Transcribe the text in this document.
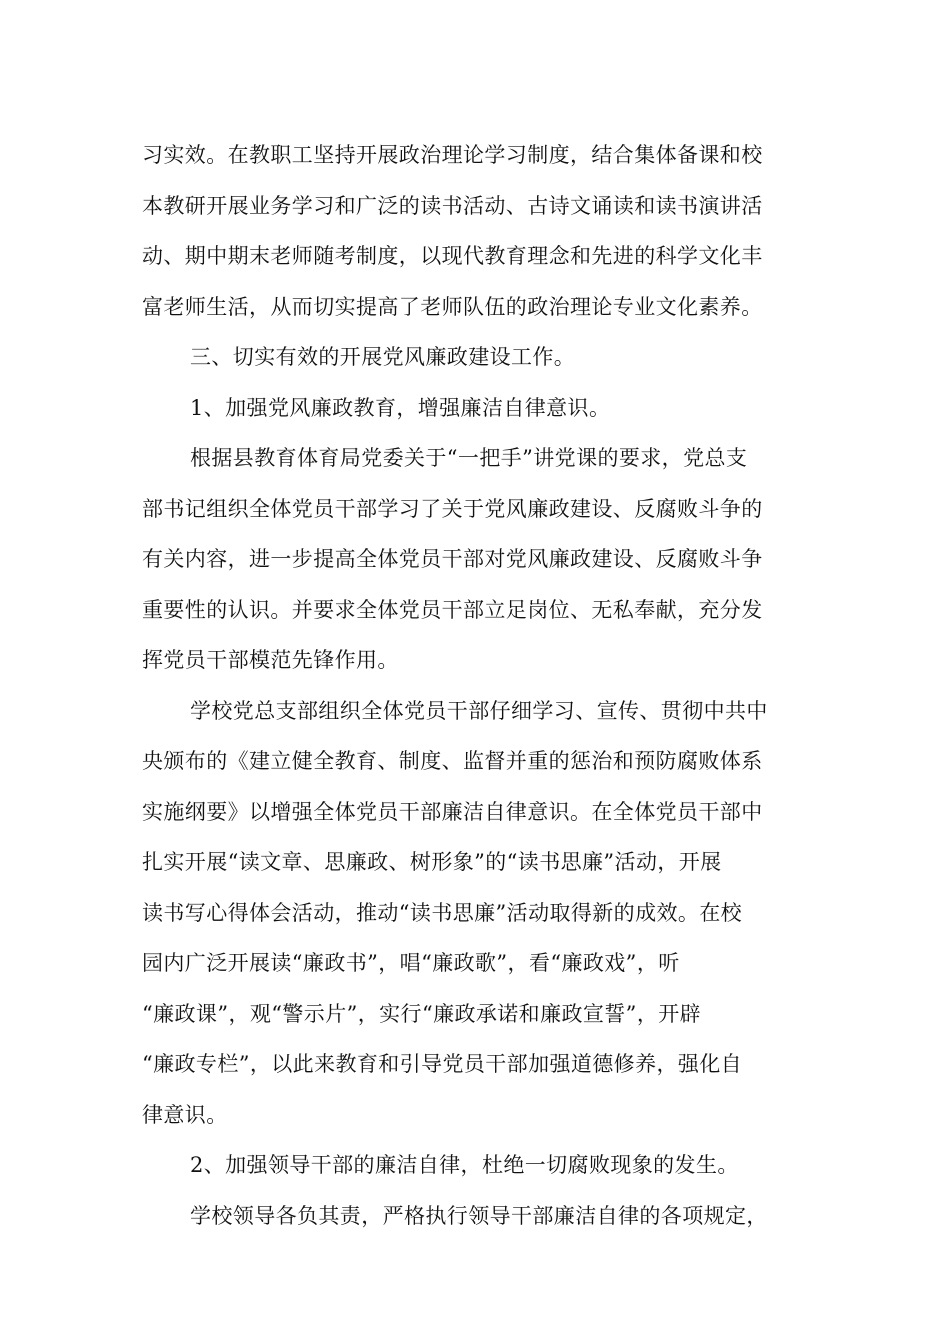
习实效。在教职工坚持开展政治理论学习制度，结合集体备课和校
本教研开展业务学习和广泛的读书活动、古诗文诵读和读书演讲活
动、期中期末老师随考制度，以现代教育理念和先进的科学文化丰
富老师生活，从而切实提高了老师队伍的政治理论专业文化素养。
三、切实有效的开展党风廉政建设工作。
1、加强党风廉政教育，增强廉洁自律意识。
根据县教育体育局党委关于“一把手”讲党课的要求，党总支
部书记组织全体党员干部学习了关于党风廉政建设、反腐败斗争的
有关内容，进一步提高全体党员干部对党风廉政建设、反腐败斗争
重要性的认识。并要求全体党员干部立足岗位、无私奉献，充分发
挥党员干部模范先锋作用。
学校党总支部组织全体党员干部仔细学习、宣传、贯彻中共中
央颁布的《建立健全教育、制度、监督并重的惩治和预防腐败体系
实施纲要》以增强全体党员干部廉洁自律意识。在全体党员干部中
扎实开展“读文章、思廉政、树形象”的“读书思廉”活动，开展
读书写心得体会活动，推动“读书思廉”活动取得新的成效。在校
园内广泛开展读“廉政书”，唱“廉政歌”，看“廉政戏”，听
“廉政课”，观“警示片”，实行“廉政承诺和廉政宣誓”，开辟
“廉政专栏”，以此来教育和引导党员干部加强道德修养，强化自
律意识。
2、加强领导干部的廉洁自律，杜绝一切腐败现象的发生。
学校领导各负其责，严格执行领导干部廉洁自律的各项规定，
